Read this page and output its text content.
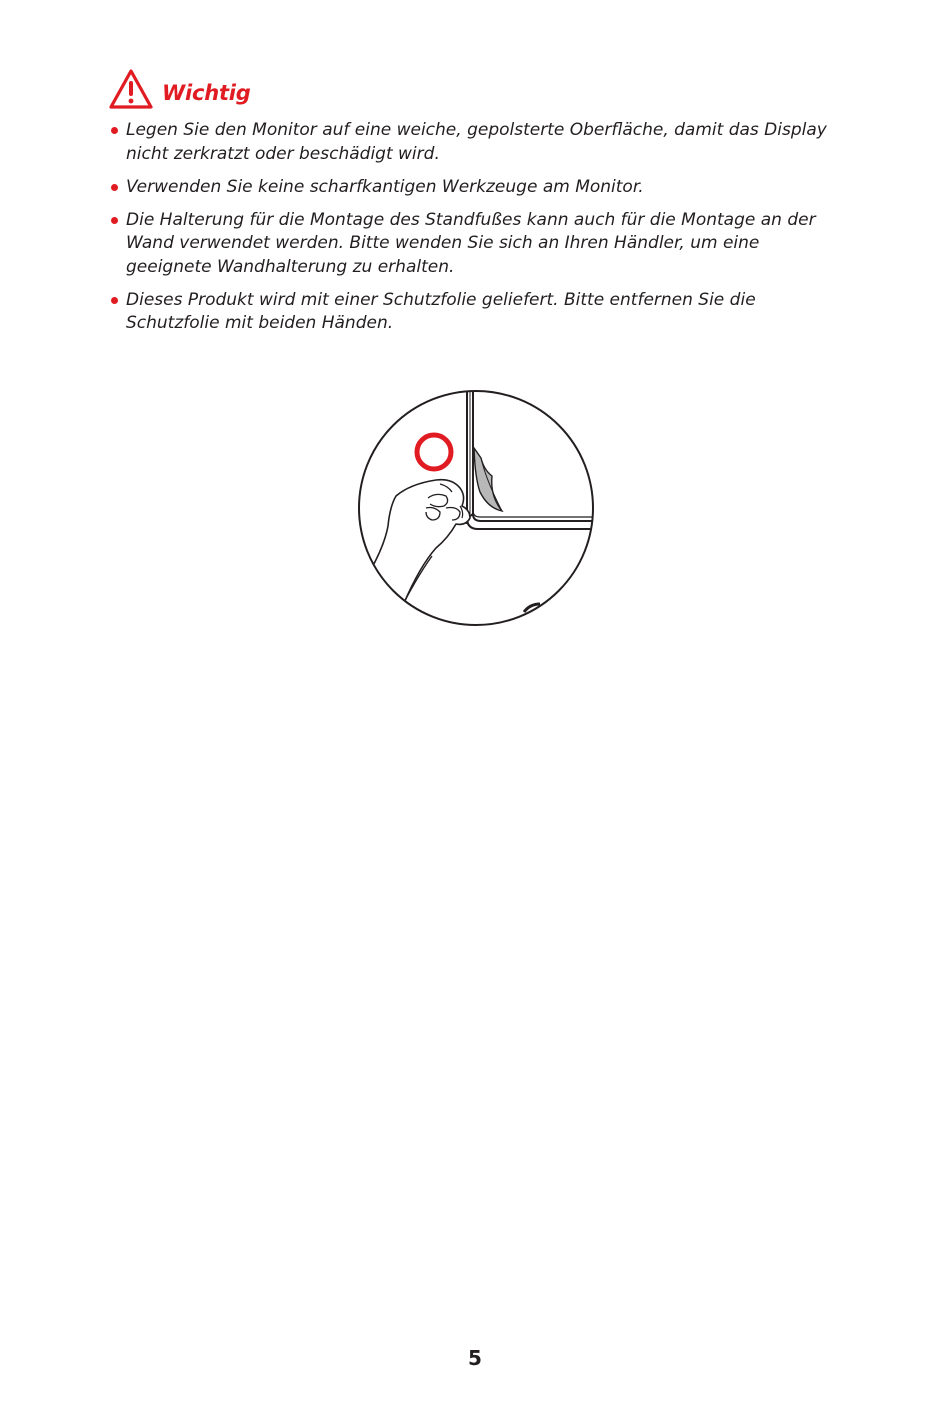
Wichtig
Legen Sie den Monitor auf eine weiche, gepolsterte Oberfläche, damit das Display nicht zerkratzt oder beschädigt wird.
Verwenden Sie keine scharfkantigen Werkzeuge am Monitor.
Die Halterung für die Montage des Standfußes kann auch für die Montage an der Wand verwendet werden. Bitte wenden Sie sich an Ihren Händler, um eine geeignete Wandhalterung zu erhalten.
Dieses Produkt wird mit einer Schutzfolie geliefert. Bitte entfernen Sie die Schutzfolie mit beiden Händen.
5
